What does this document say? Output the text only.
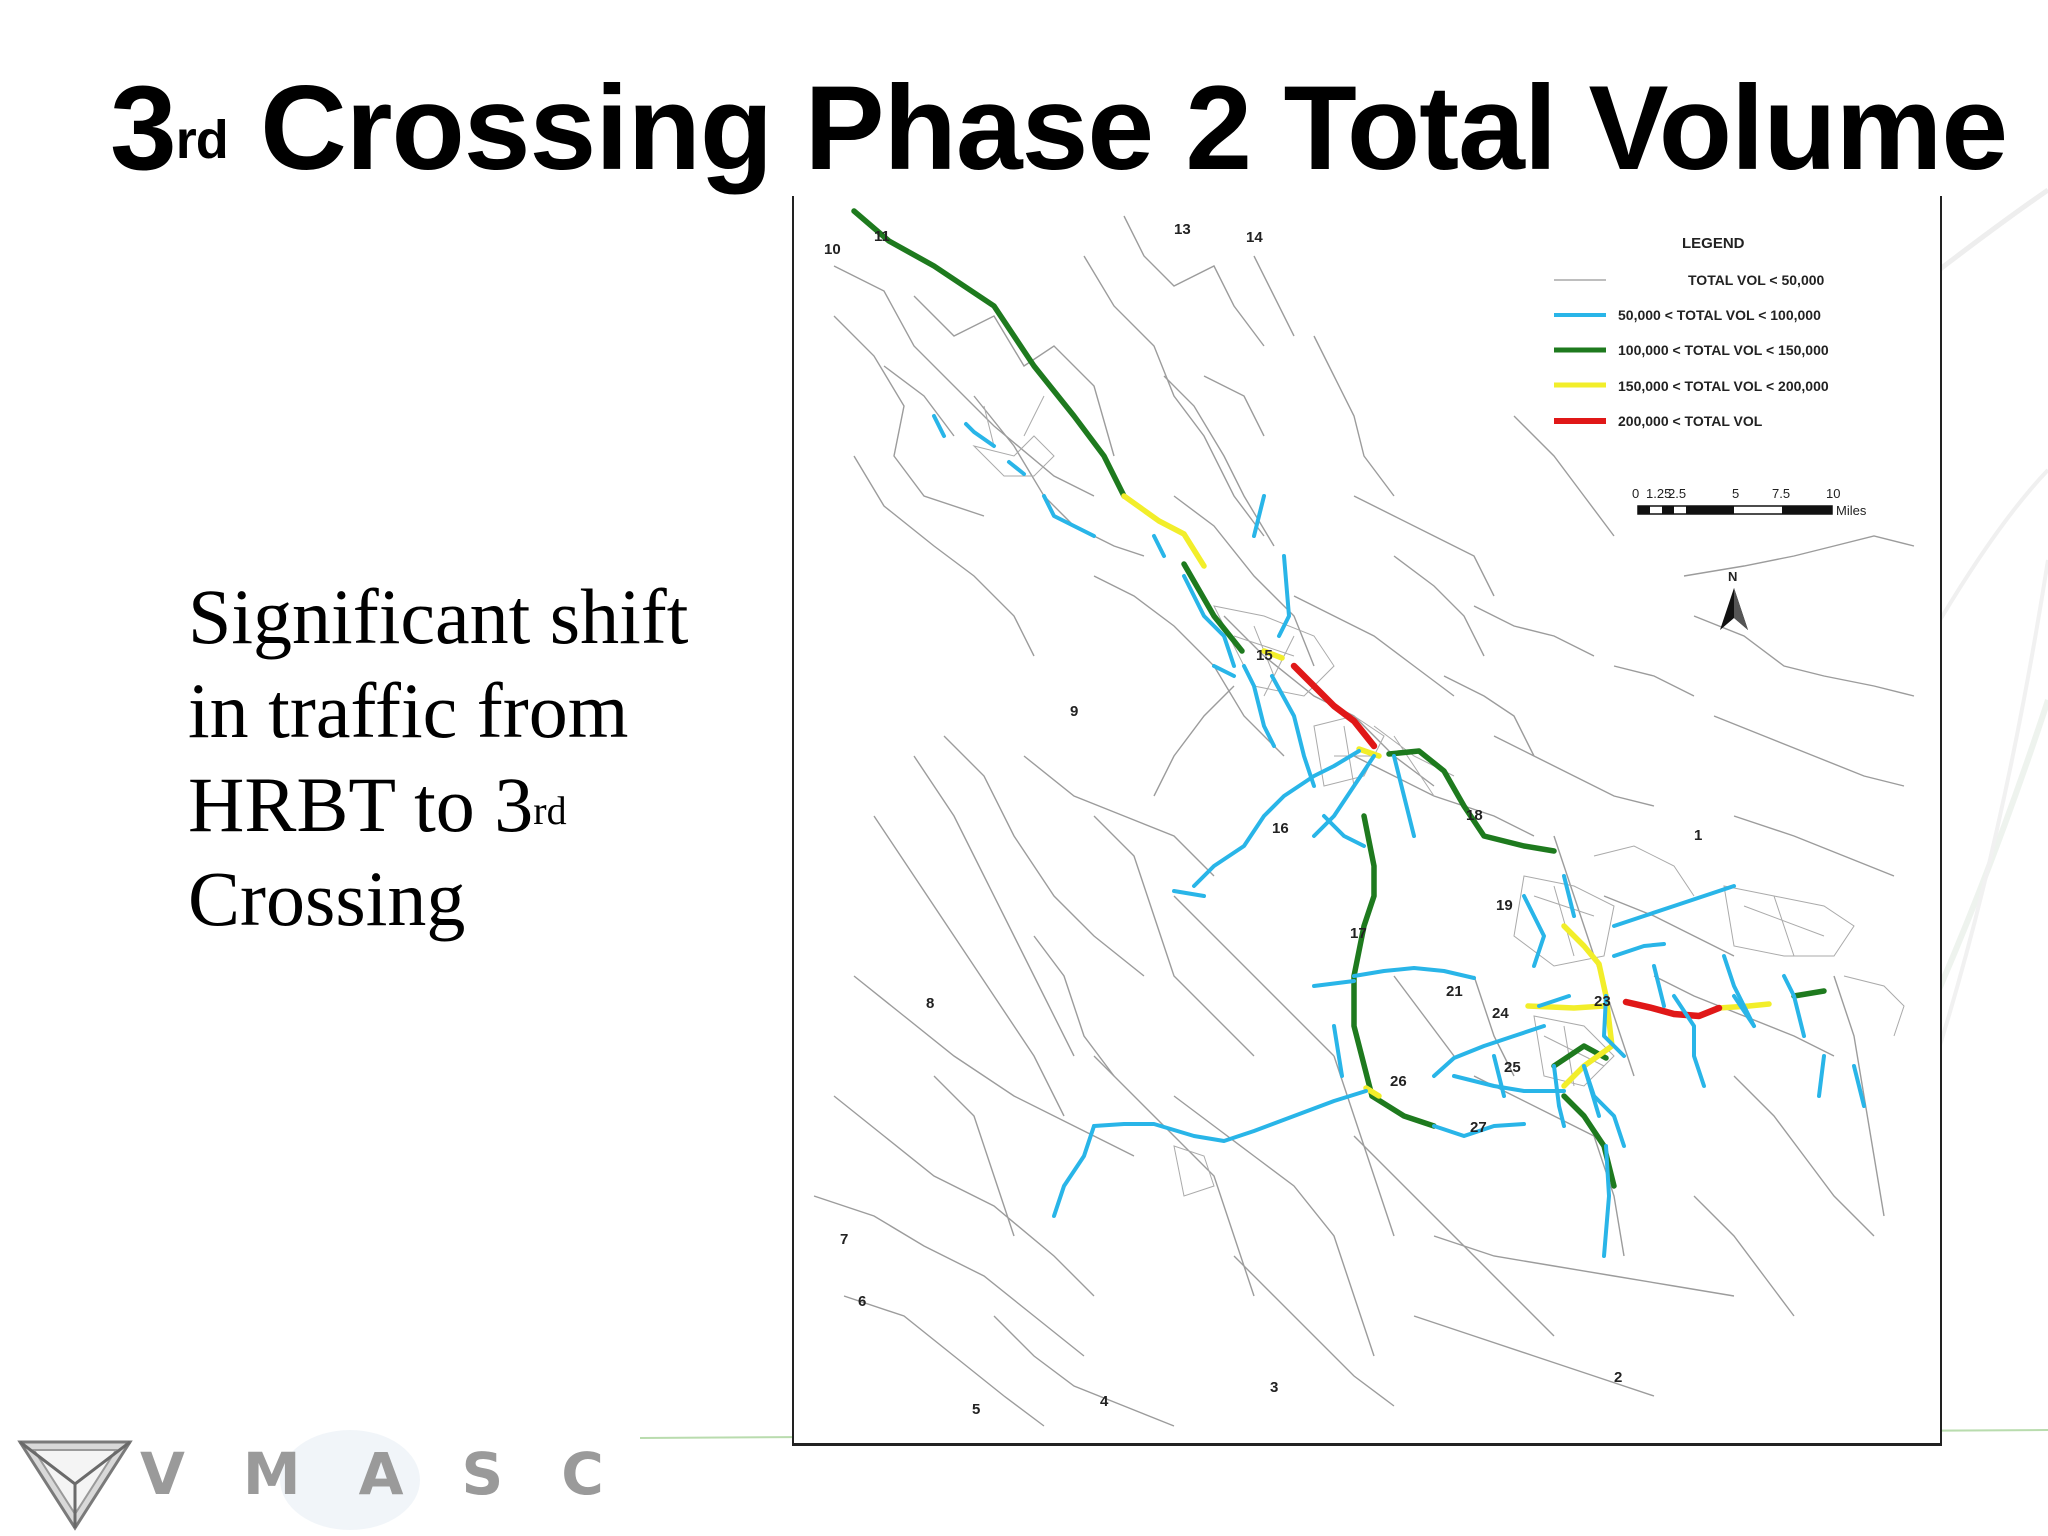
3rd Crossing Phase 2 Total Volume
Significant shift
in traffic from
HRBT to 3rd
Crossing
10
11	13	14
15
9
16
18
1
19
17
21
24
23
25
26
27
8
7
6
5	4
3
2
LEGEND
TOTAL VOL < 50,000
50,000 < TOTAL VOL < 100,000
100,000 < TOTAL VOL < 150,000
150,000 < TOTAL VOL < 200,000
200,000 < TOTAL VOL
0 1.25
2.5	5	7.5	10
Miles
N
VMASC
